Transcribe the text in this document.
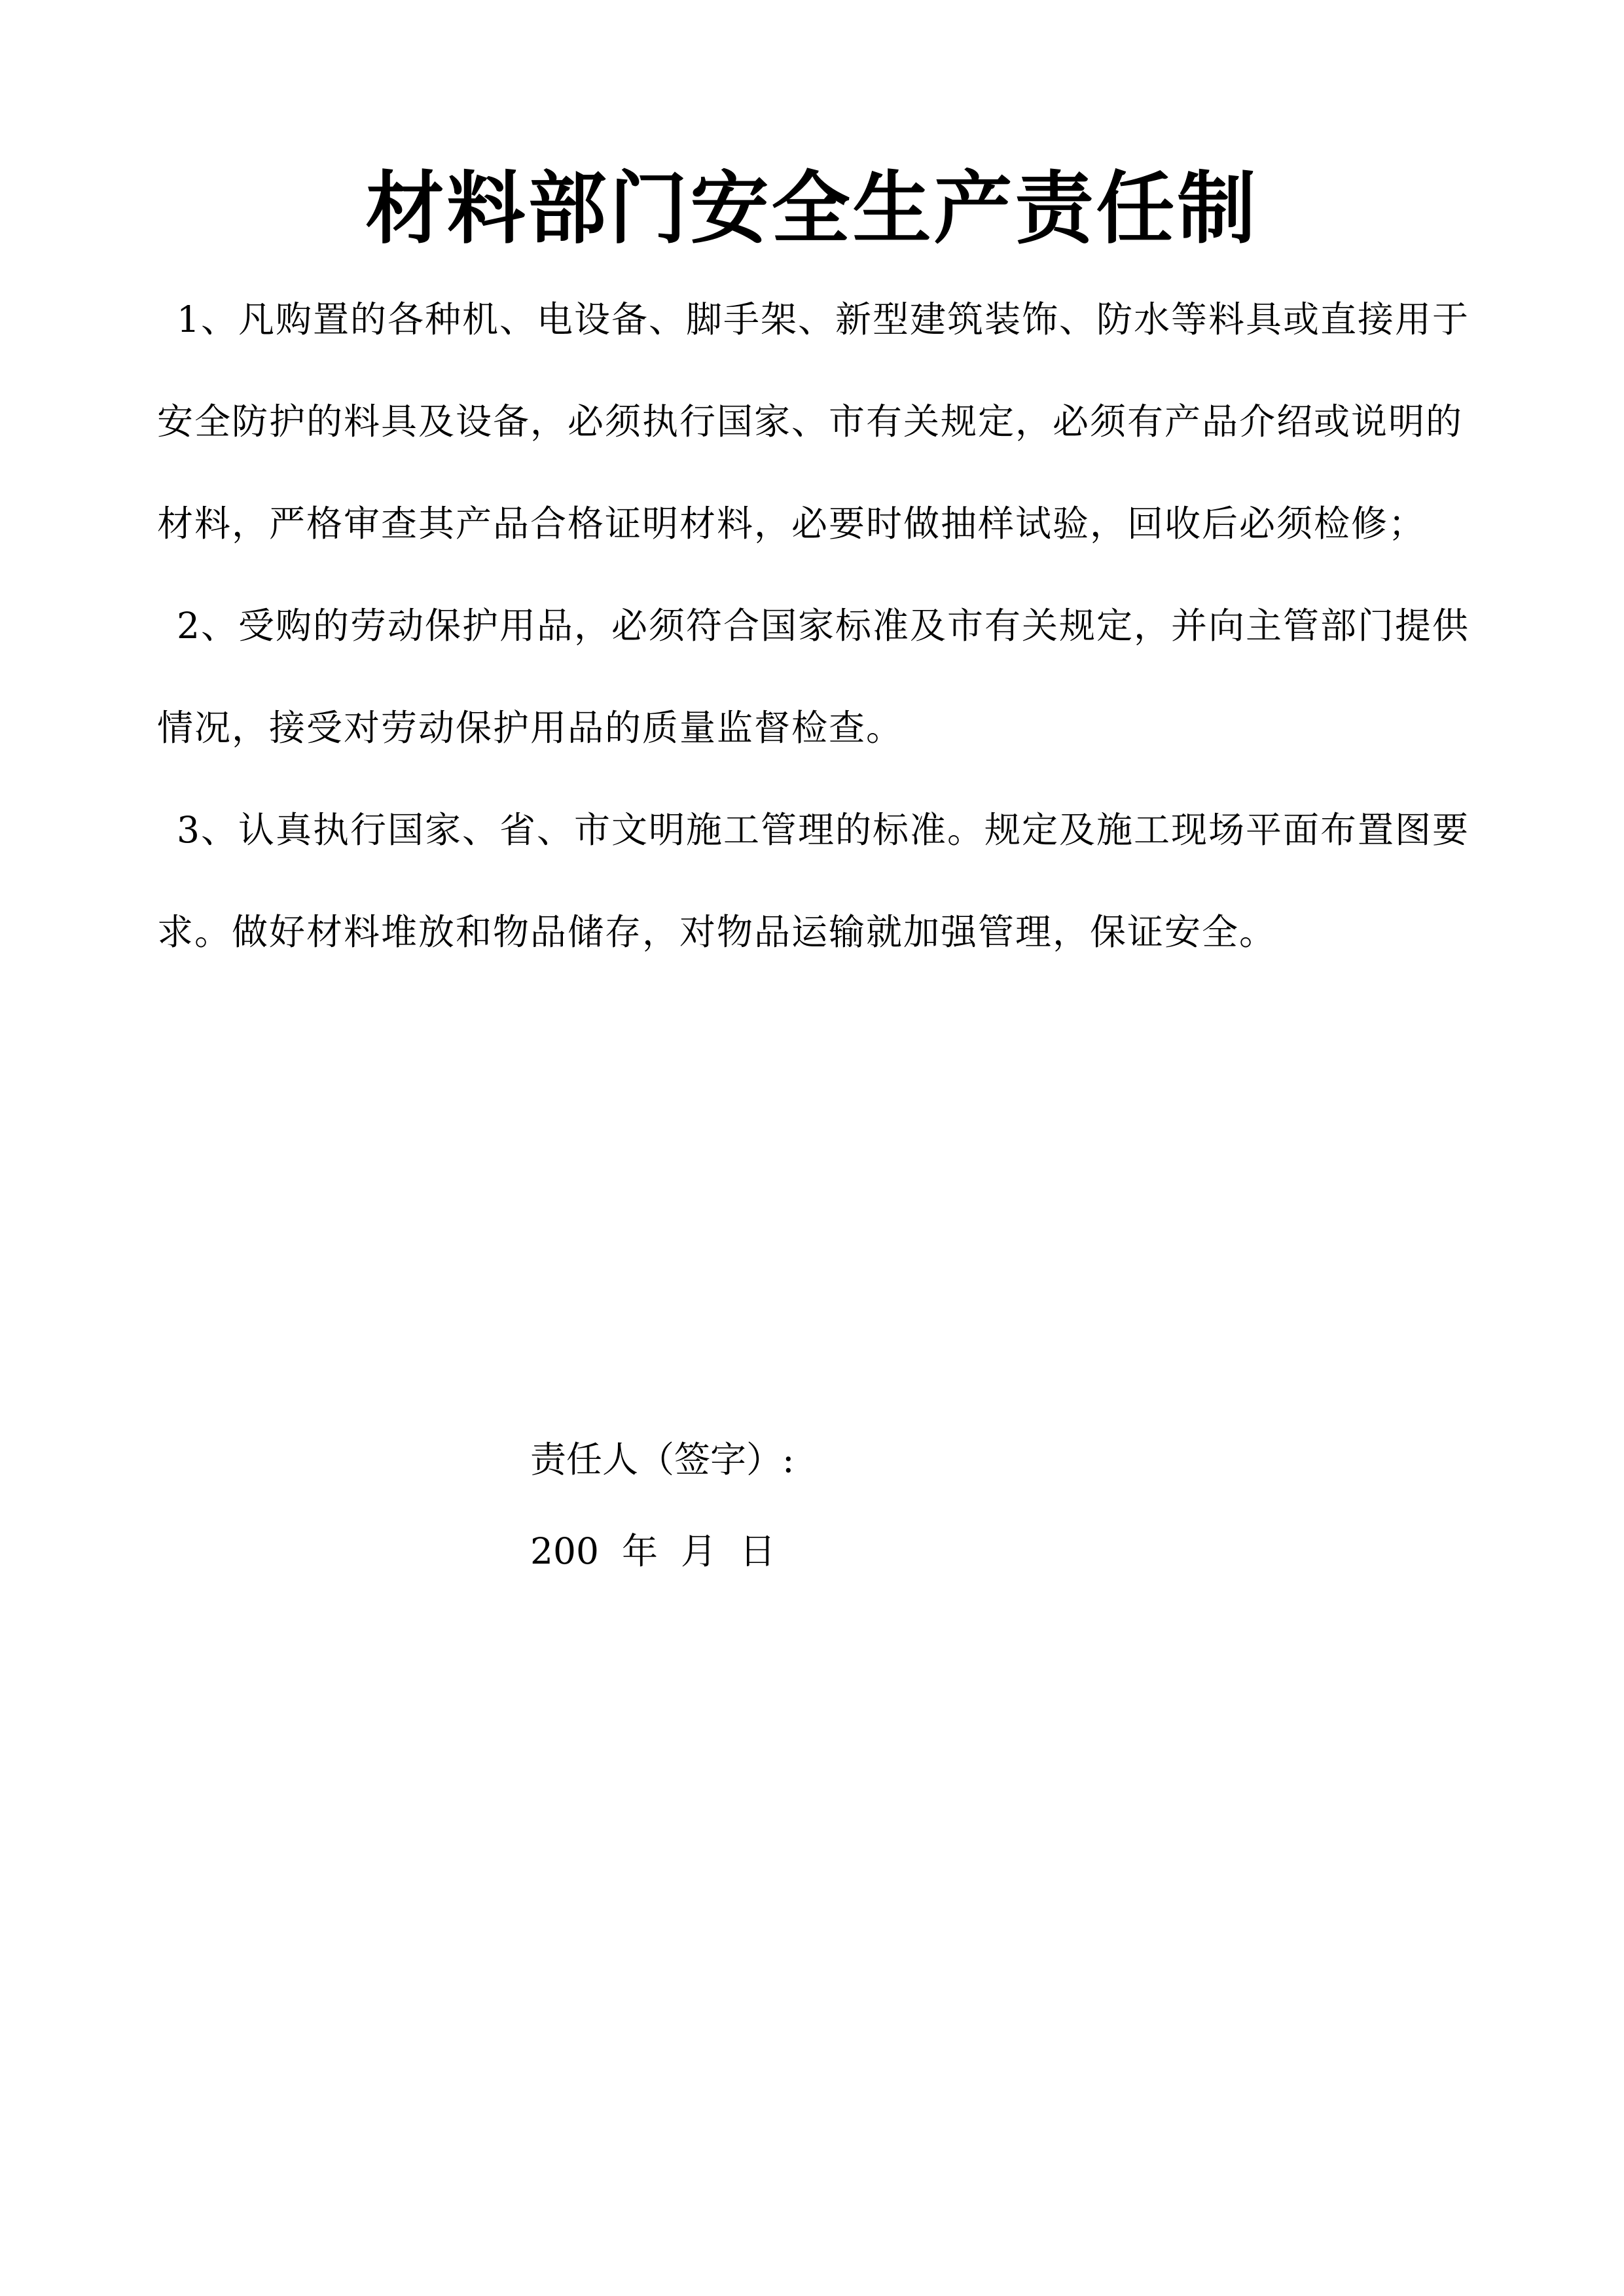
材料部门安全生产责任制

1、凡购置的各种机、电设备、脚手架、新型建筑装饰、防水等料具或直接用于安全防护的料具及设备，必须执行国家、市有关规定，必须有产品介绍或说明的材料，严格审查其产品合格证明材料，必要时做抽样试验，回收后必须检修；

2、受购的劳动保护用品，必须符合国家标准及市有关规定，并向主管部门提供情况，接受对劳动保护用品的质量监督检查。

3、认真执行国家、省、市文明施工管理的标准。规定及施工现场平面布置图要求。做好材料堆放和物品储存，对物品运输就加强管理，保证安全。

责任人（签字）:

200  年  月  日
